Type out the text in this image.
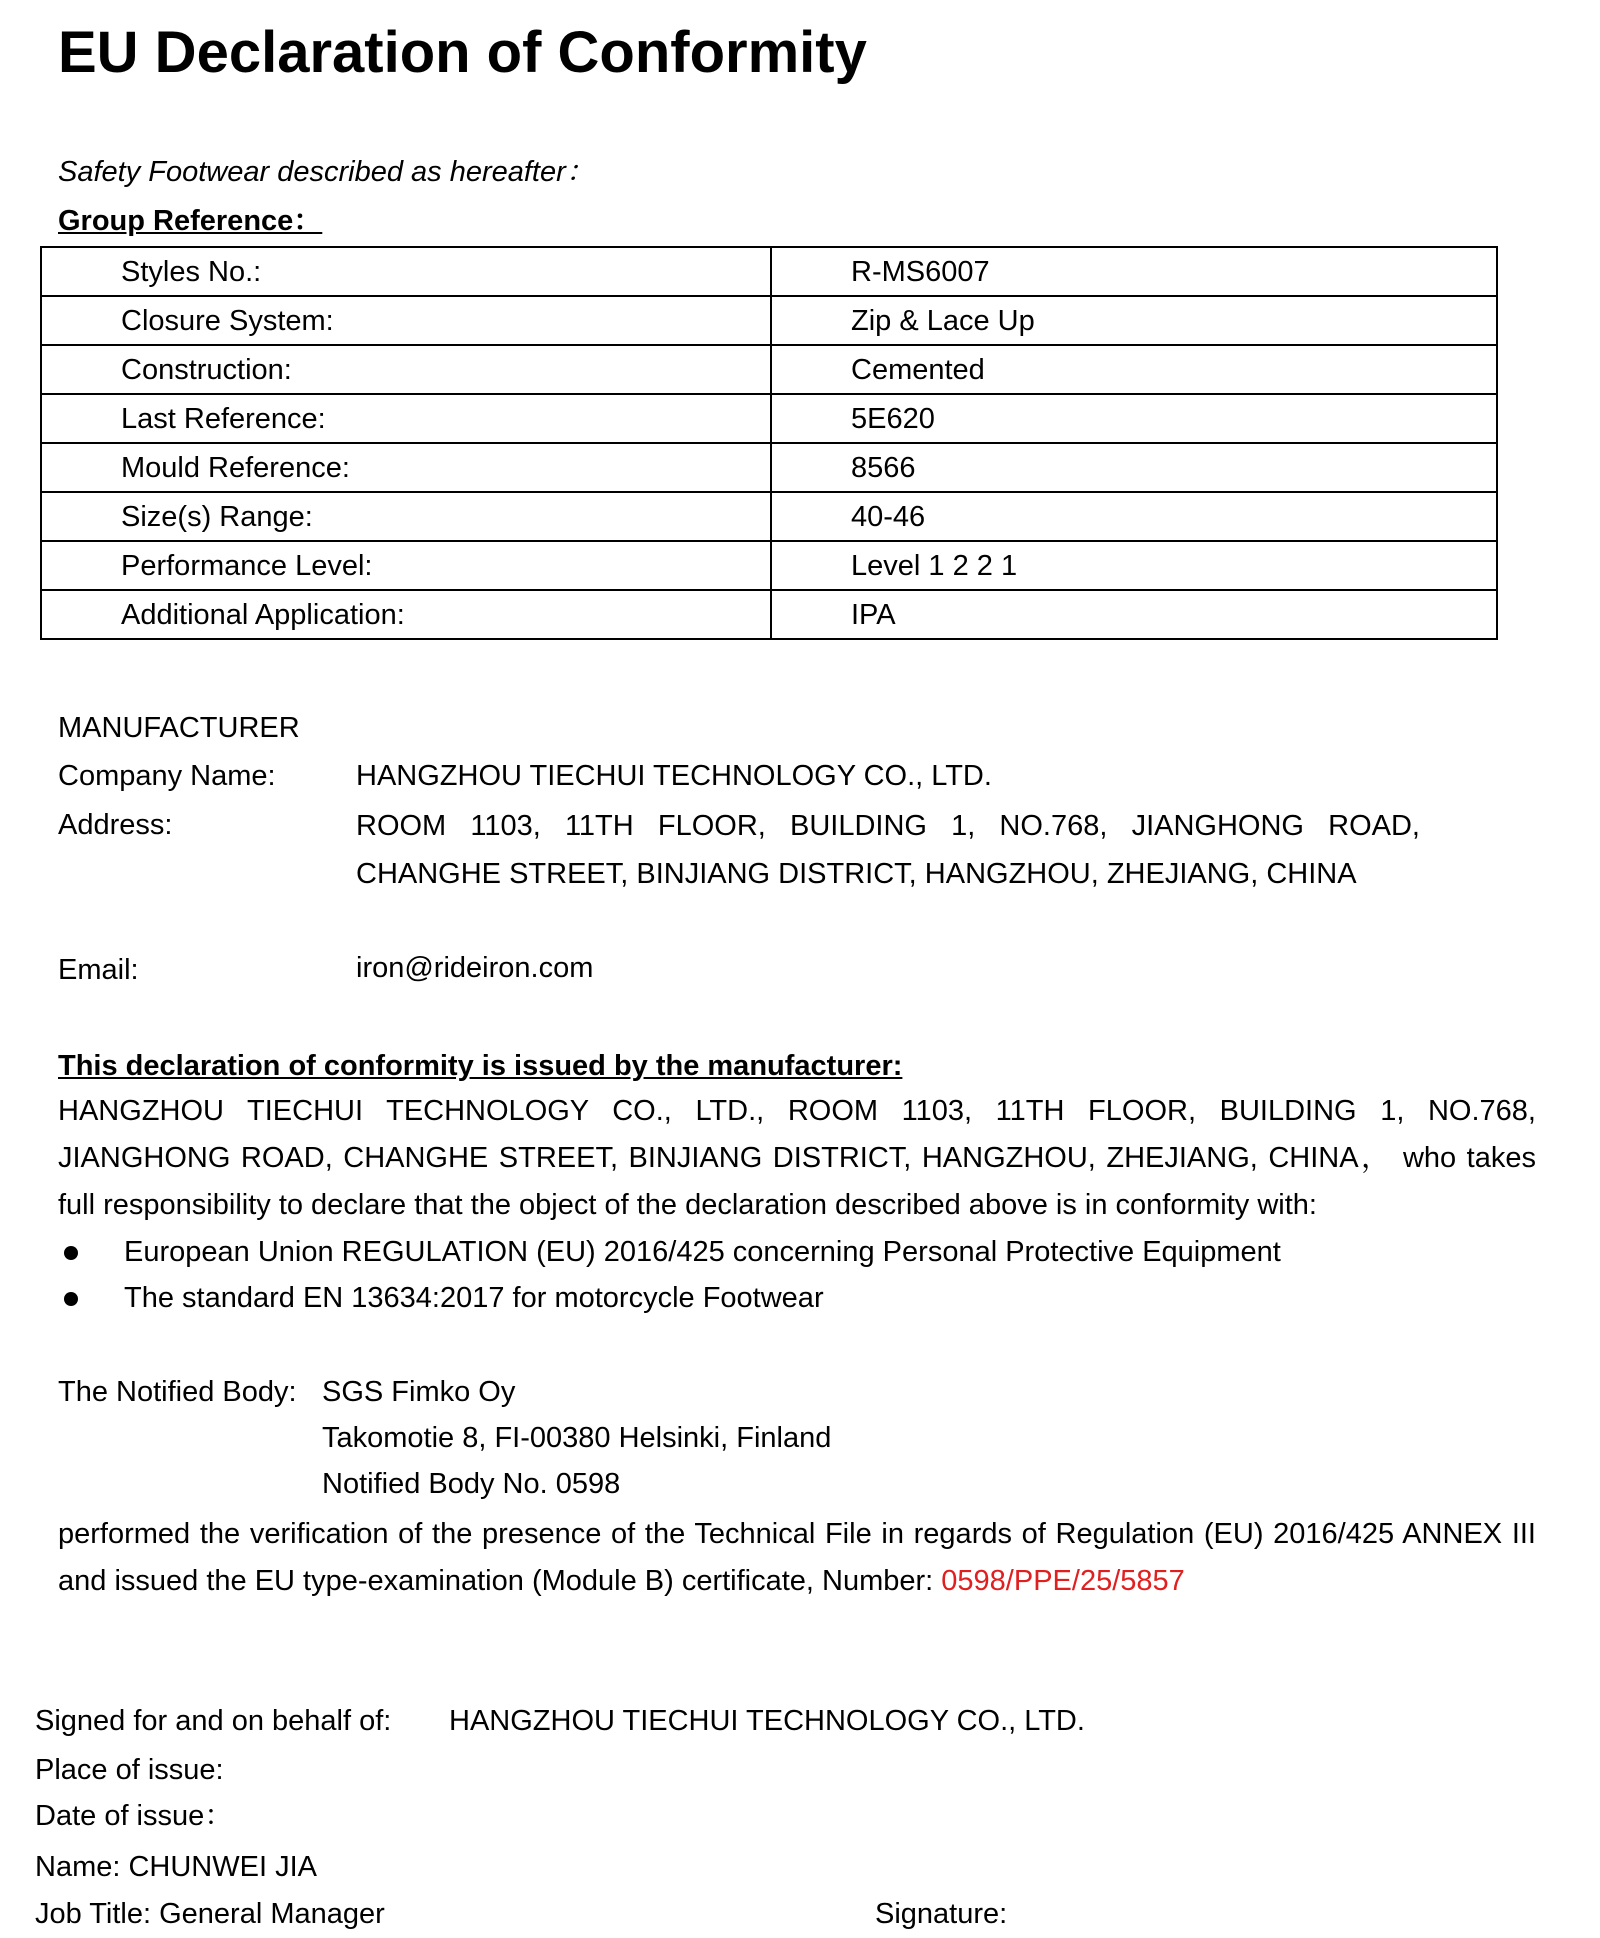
EU Declaration of Conformity
Safety Footwear described as hereafter：
Group Reference：
Styles No.:	R-MS6007
Closure System:	Zip & Lace Up
Construction:	Cemented
Last Reference:	5E620
Mould Reference:	8566
Size(s) Range:	40-46
Performance Level:	Level 1 2 2 1
Additional Application:	IPA
MANUFACTURER
Company Name:	HANGZHOU TIECHUI TECHNOLOGY CO., LTD.
Address:	ROOM 1103, 11TH FLOOR, BUILDING 1, NO.768, JIANGHONG ROAD, CHANGHE STREET, BINJIANG DISTRICT, HANGZHOU, ZHEJIANG, CHINA
Email:	iron@rideiron.com
This declaration of conformity is issued by the manufacturer:
HANGZHOU TIECHUI TECHNOLOGY CO., LTD., ROOM 1103, 11TH FLOOR, BUILDING 1, NO.768, JIANGHONG ROAD, CHANGHE STREET, BINJIANG DISTRICT, HANGZHOU, ZHEJIANG, CHINA， who takes full responsibility to declare that the object of the declaration described above is in conformity with:
European Union REGULATION (EU) 2016/425 concerning Personal Protective Equipment
The standard EN 13634:2017 for motorcycle Footwear
The Notified Body: SGS Fimko Oy
Takomotie 8, FI-00380 Helsinki, Finland
Notified Body No. 0598
performed the verification of the presence of the Technical File in regards of Regulation (EU) 2016/425 ANNEX III and issued the EU type-examination (Module B) certificate, Number: 0598/PPE/25/5857
Signed for and on behalf of: HANGZHOU TIECHUI TECHNOLOGY CO., LTD.
Place of issue:
Date of issue：
Name: CHUNWEI JIA
Job Title: General Manager	Signature:
